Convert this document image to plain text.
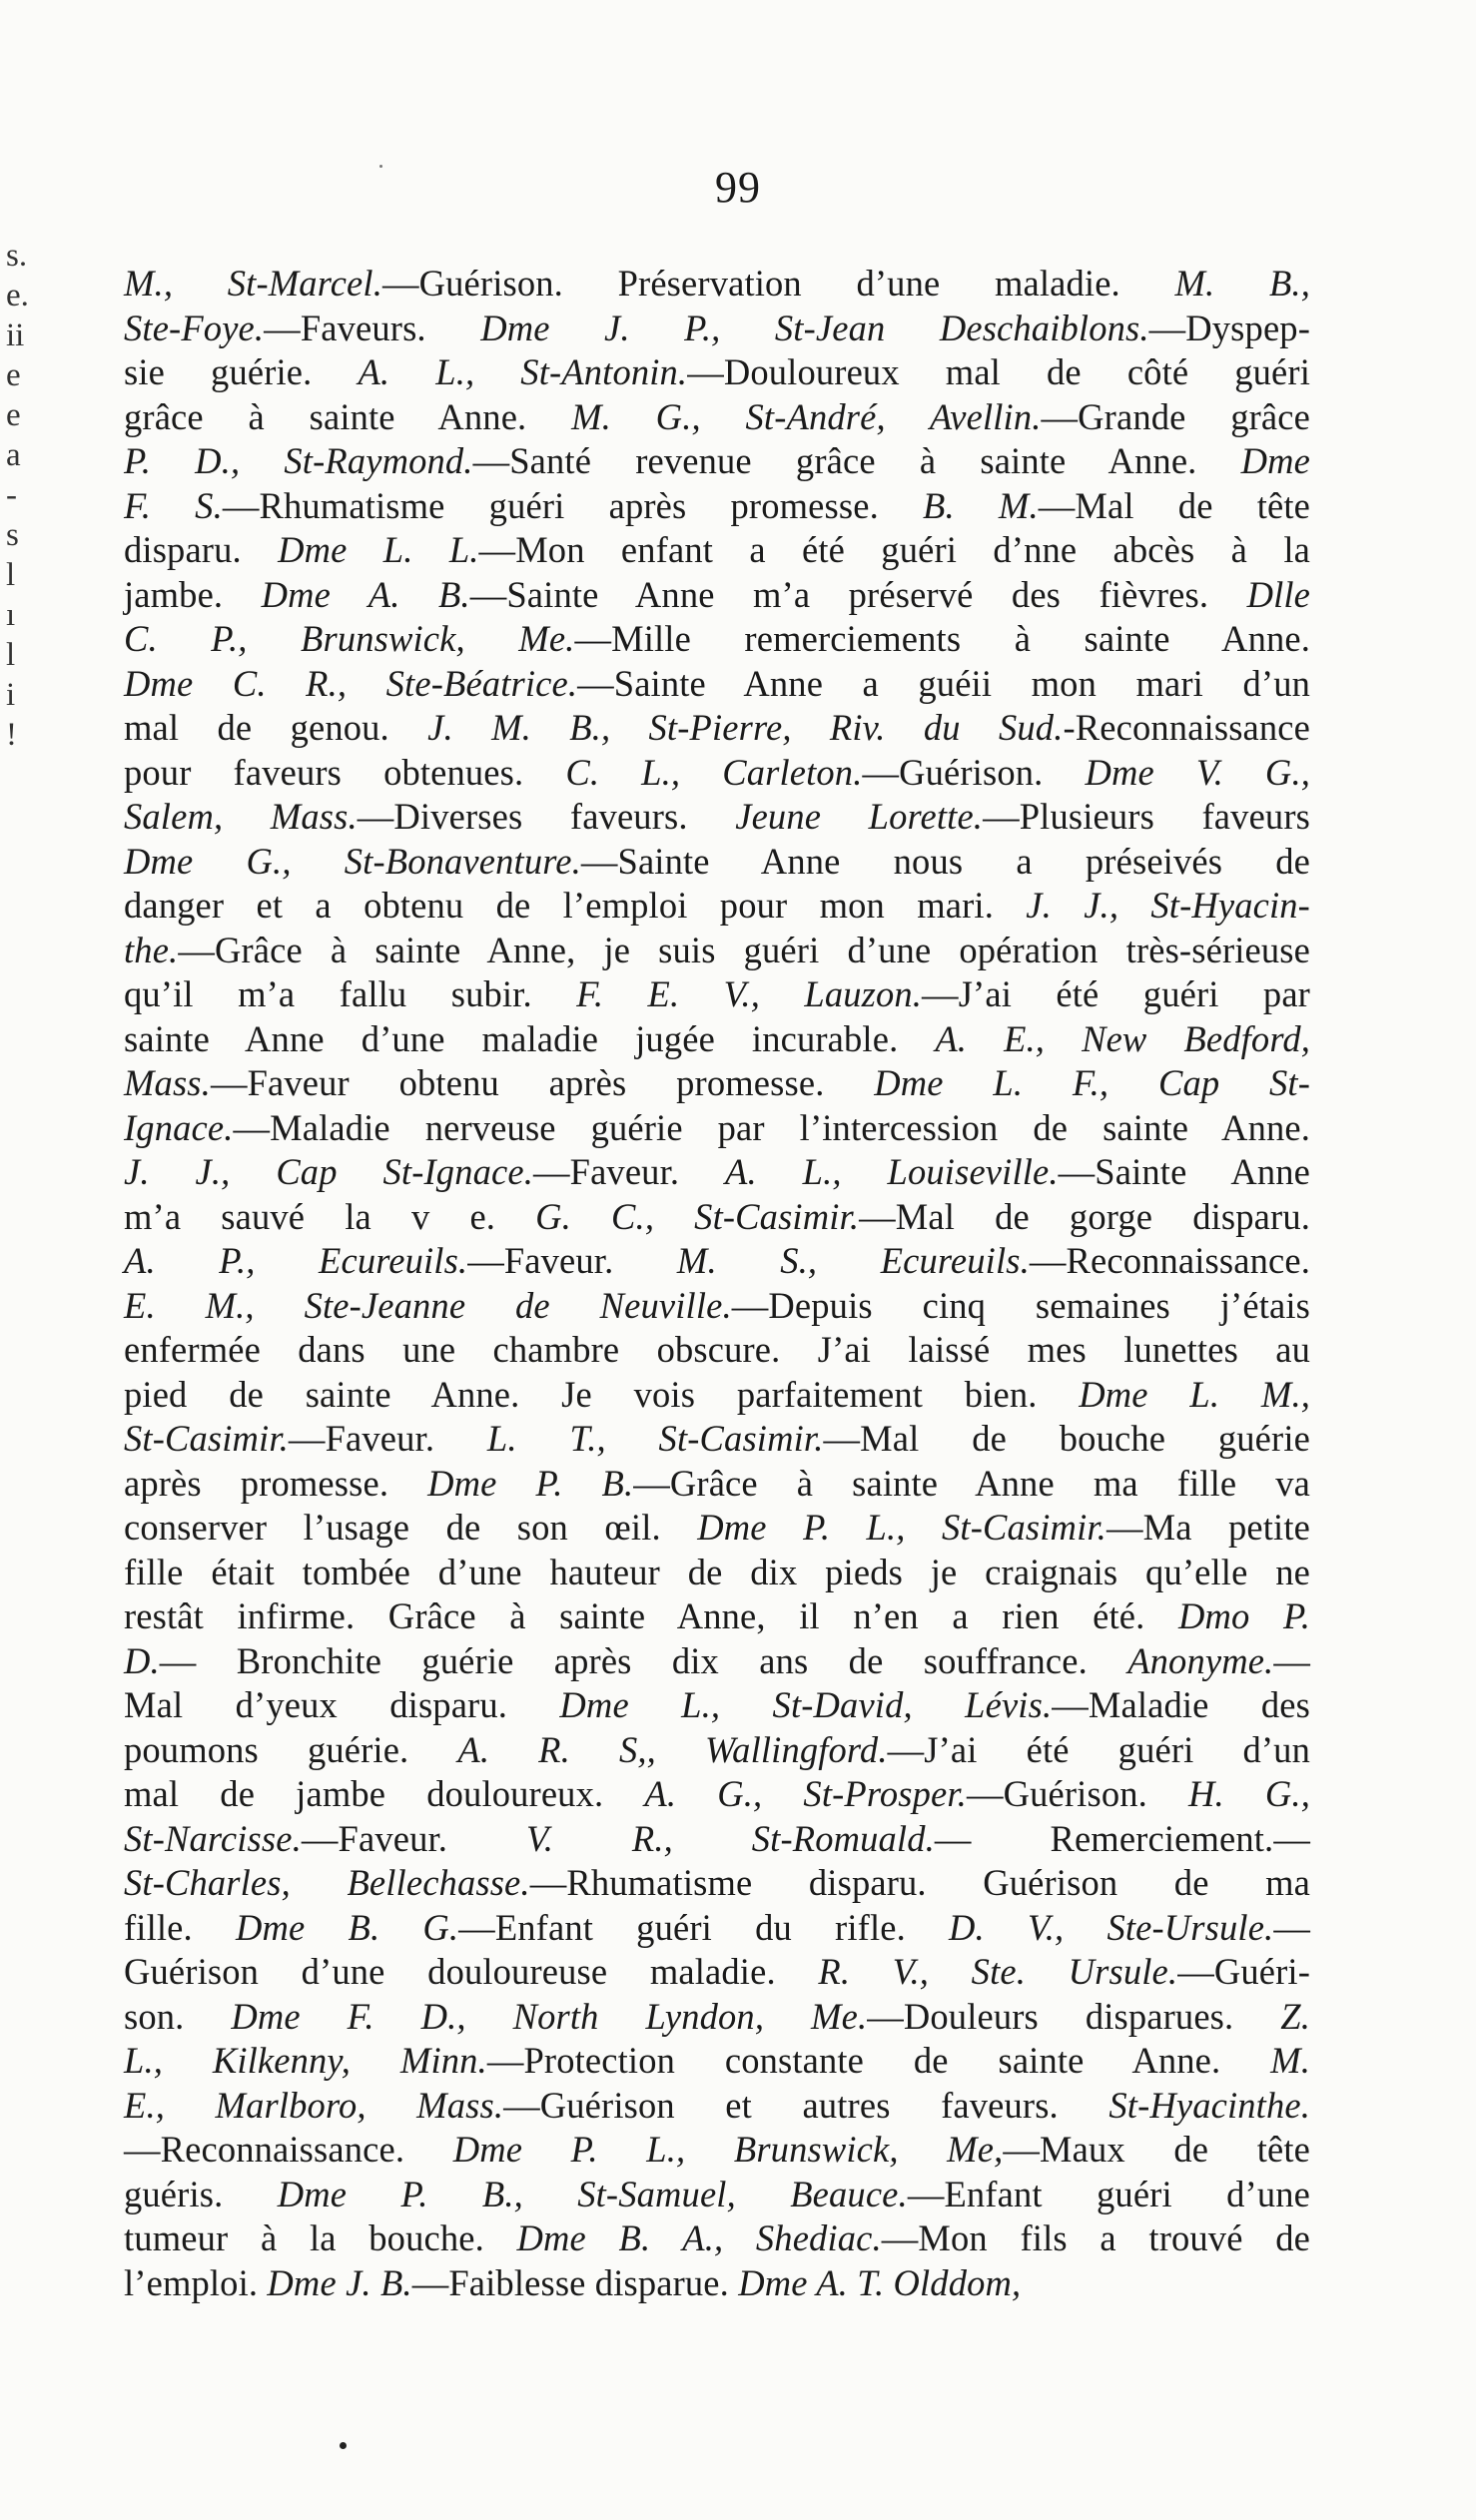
99
s.
e.
ii
e
e
a
-
s
l
ı
l
i
!
M., St-Marcel.—Guérison. Préservation d’une maladie. M. B.,
Ste-Foye.—Faveurs. Dme J. P., St-Jean Deschaiblons.—Dyspep-
sie guérie. A. L., St-Antonin.—Douloureux mal de côté guéri
grâce à sainte Anne. M. G., St-André, Avellin.—Grande grâce
P. D., St-Raymond.—Santé revenue grâce à sainte Anne. Dme
F. S.—Rhumatisme guéri après promesse. B. M.—Mal de tête
disparu. Dme L. L.—Mon enfant a été guéri d’nne abcès à la
jambe. Dme A. B.—Sainte Anne m’a préservé des fièvres. Dlle
C. P., Brunswick, Me.—Mille remerciements à sainte Anne.
Dme C. R., Ste-Béatrice.—Sainte Anne a guéii mon mari d’un
mal de genou. J. M. B., St-Pierre, Riv. du Sud.-Reconnaissance
pour faveurs obtenues. C. L., Carleton.—Guérison. Dme V. G.,
Salem, Mass.—Diverses faveurs. Jeune Lorette.—Plusieurs faveurs
Dme G., St-Bonaventure.—Sainte Anne nous a préseivés de
danger et a obtenu de l’emploi pour mon mari. J. J., St-Hyacin-
the.—Grâce à sainte Anne, je suis guéri d’une opération très-sérieuse
qu’il m’a fallu subir. F. E. V., Lauzon.—J’ai été guéri par
sainte Anne d’une maladie jugée incurable. A. E., New Bedford,
Mass.—Faveur obtenu après promesse. Dme L. F., Cap St-
Ignace.—Maladie nerveuse guérie par l’intercession de sainte Anne.
J. J., Cap St-Ignace.—Faveur. A. L., Louiseville.—Sainte Anne
m’a sauvé la v e. G. C., St-Casimir.—Mal de gorge disparu.
A. P., Ecureuils.—Faveur. M. S., Ecureuils.—Reconnaissance.
E. M., Ste-Jeanne de Neuville.—Depuis cinq semaines j’étais
enfermée dans une chambre obscure. J’ai laissé mes lunettes au
pied de sainte Anne. Je vois parfaitement bien. Dme L. M.,
St-Casimir.—Faveur. L. T., St-Casimir.—Mal de bouche guérie
après promesse. Dme P. B.—Grâce à sainte Anne ma fille va
conserver l’usage de son œil. Dme P. L., St-Casimir.—Ma petite
fille était tombée d’une hauteur de dix pieds je craignais qu’elle ne
restât infirme. Grâce à sainte Anne, il n’en a rien été. Dmo P.
D.— Bronchite guérie après dix ans de souffrance. Anonyme.—
Mal d’yeux disparu. Dme L., St-David, Lévis.—Maladie des
poumons guérie. A. R. S,, Wallingford.—J’ai été guéri d’un
mal de jambe douloureux. A. G., St-Prosper.—Guérison. H. G.,
St-Narcisse.—Faveur. V. R., St-Romuald.— Remerciement.—
St-Charles, Bellechasse.—Rhumatisme disparu. Guérison de ma
fille. Dme B. G.—Enfant guéri du rifle. D. V., Ste-Ursule.—
Guérison d’une douloureuse maladie. R. V., Ste. Ursule.—Guéri-
son. Dme F. D., North Lyndon, Me.—Douleurs disparues. Z.
L., Kilkenny, Minn.—Protection constante de sainte Anne. M.
E., Marlboro, Mass.—Guérison et autres faveurs. St-Hyacinthe.
—Reconnaissance. Dme P. L., Brunswick, Me,—Maux de tête
guéris. Dme P. B., St-Samuel, Beauce.—Enfant guéri d’une
tumeur à la bouche. Dme B. A., Shediac.—Mon fils a trouvé de
l’emploi. Dme J. B.—Faiblesse disparue. Dme A. T. Olddom,
